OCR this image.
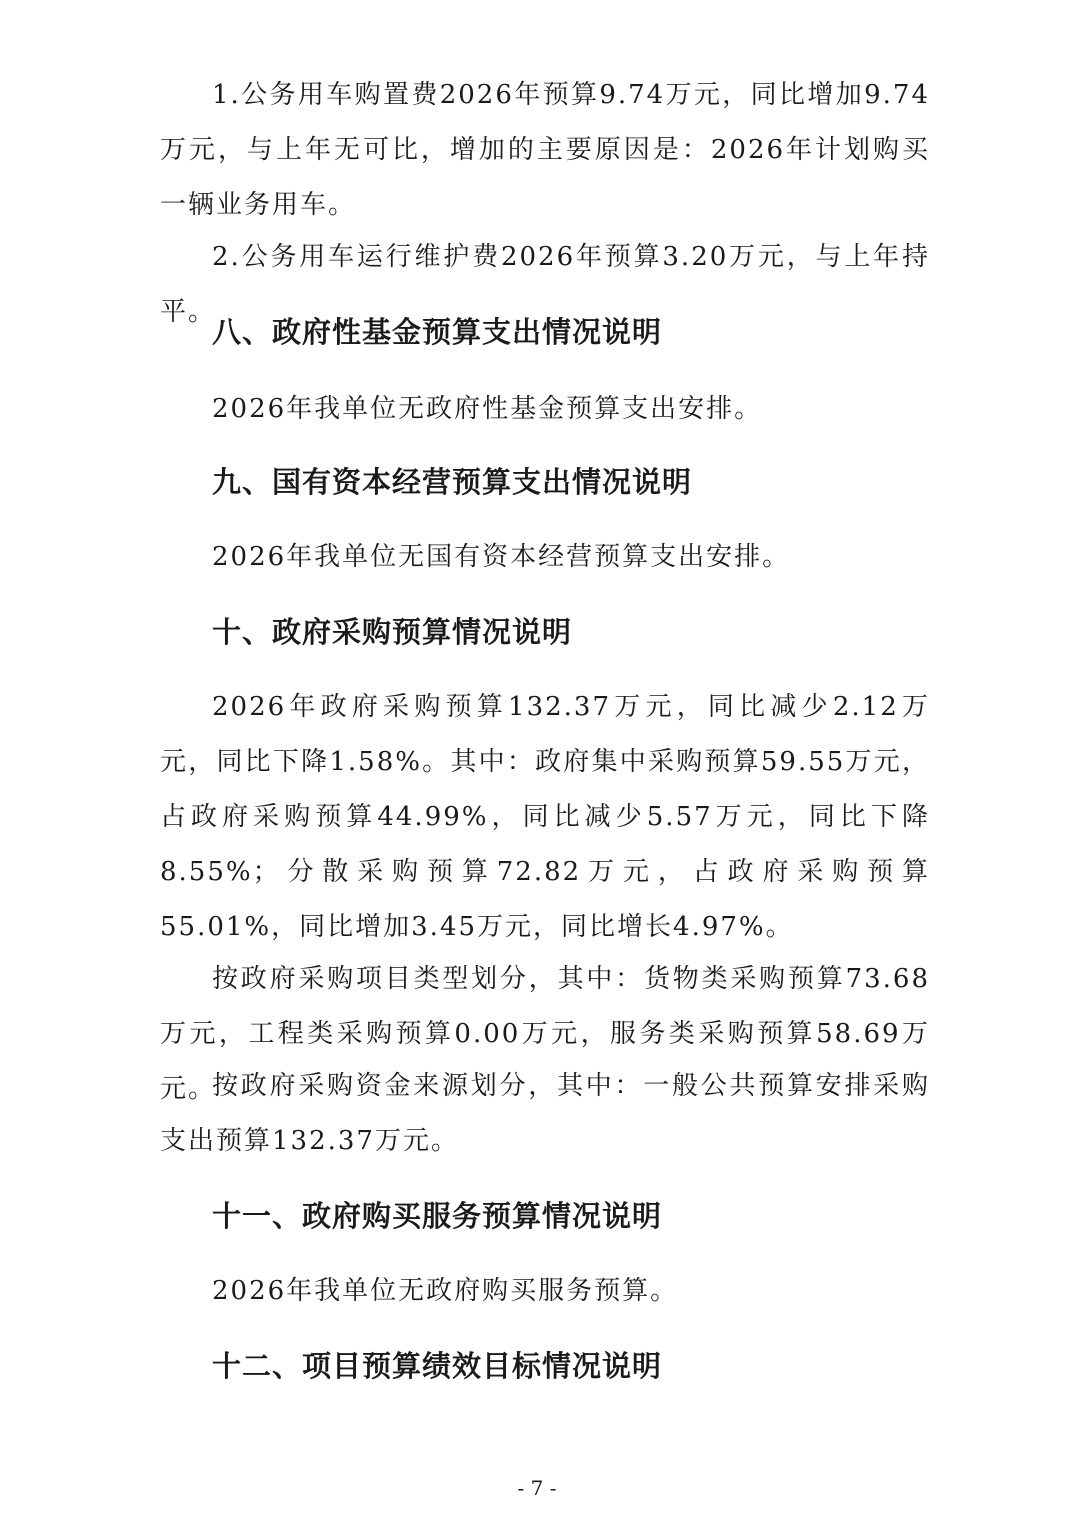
1.公务用车购置费2026年预算9.74万元，同比增加9.74万元，与上年无可比，增加的主要原因是：2026年计划购买一辆业务用车。

2.公务用车运行维护费2026年预算3.20万元，与上年持平。

八、政府性基金预算支出情况说明

2026年我单位无政府性基金预算支出安排。

九、国有资本经营预算支出情况说明

2026年我单位无国有资本经营预算支出安排。

十、政府采购预算情况说明

2026年政府采购预算132.37万元，同比减少2.12万元，同比下降1.58%。其中：政府集中采购预算59.55万元，占政府采购预算44.99%，同比减少5.57万元，同比下降8.55%；分散采购预算72.82万元，占政府采购预算55.01%，同比增加3.45万元，同比增长4.97%。

按政府采购项目类型划分，其中：货物类采购预算73.68万元，工程类采购预算0.00万元，服务类采购预算58.69万元。

按政府采购资金来源划分，其中：一般公共预算安排采购支出预算132.37万元。

十一、政府购买服务预算情况说明

2026年我单位无政府购买服务预算。

十二、项目预算绩效目标情况说明
- 7 -
